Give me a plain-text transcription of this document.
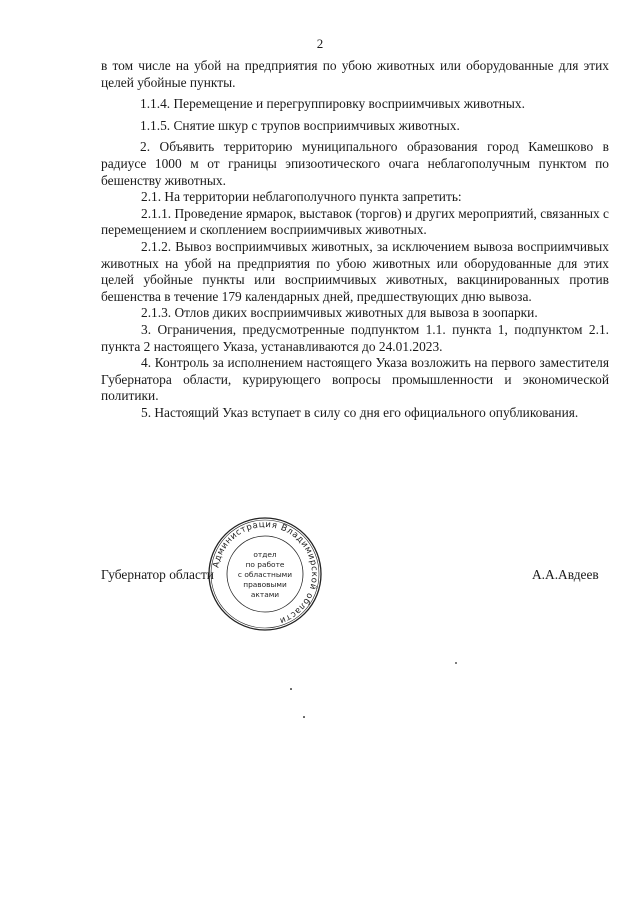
2

в том числе на убой на предприятия по убою животных или оборудованные для этих целей убойные пункты.

1.1.4. Перемещение и перегруппировку восприимчивых животных.

1.1.5. Снятие шкур с трупов восприимчивых животных.

2. Объявить территорию муниципального образования город Камешково в радиусе 1000 м от границы эпизоотического очага неблагополучным пунктом по бешенству животных.

2.1. На территории неблагополучного пункта запретить:

2.1.1. Проведение ярмарок, выставок (торгов) и других мероприятий, связанных с перемещением и скоплением восприимчивых животных.

2.1.2. Вывоз восприимчивых животных, за исключением вывоза восприимчивых животных на убой на предприятия по убою животных или оборудованные для этих целей убойные пункты или восприимчивых животных, вакцинированных против бешенства в течение 179 календарных дней, предшествующих дню вывоза.

2.1.3. Отлов диких восприимчивых животных для вывоза в зоопарки.

3. Ограничения, предусмотренные подпунктом 1.1. пункта 1, подпунктом 2.1. пункта 2 настоящего Указа, устанавливаются до 24.01.2023.

4. Контроль за исполнением настоящего Указа возложить на первого заместителя Губернатора области, курирующего вопросы промышленности и экономической политики.

5. Настоящий Указ вступает в силу со дня его официального опубликования.

Губернатор области	А.А.Авдеев
Администрация Владимирской области
отдел
по работе
с областными
правовыми
актами
